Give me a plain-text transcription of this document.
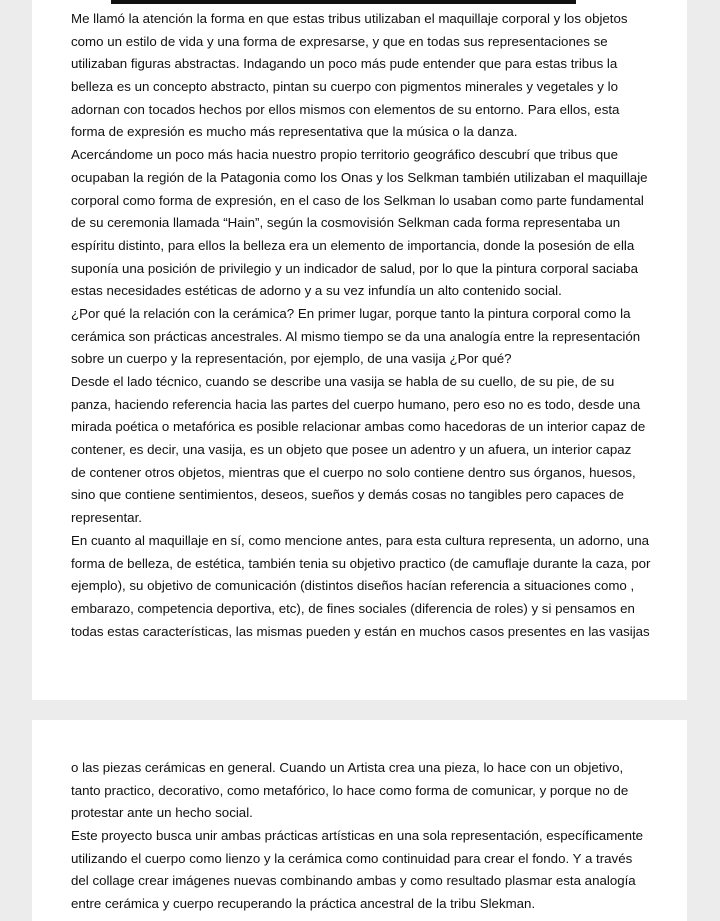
Me llamó la atención la forma en que estas tribus utilizaban el maquillaje corporal y los objetos
como un estilo de vida y una forma de expresarse, y que en todas sus representaciones se
utilizaban figuras abstractas. Indagando un poco más pude entender que para estas tribus la
belleza es un concepto abstracto, pintan su cuerpo con pigmentos minerales y vegetales y lo
adornan con tocados hechos por ellos mismos con elementos de su entorno. Para ellos, esta
forma de expresión es mucho más representativa que la música o la danza.
Acercándome un poco más hacia nuestro propio territorio geográfico descubrí que tribus que
ocupaban la región de la Patagonia como los Onas y los Selkman también utilizaban el maquillaje
corporal como forma de expresión, en el caso de los Selkman lo usaban como parte fundamental
de su ceremonia llamada “Hain”, según la cosmovisión Selkman cada forma representaba un
espíritu distinto, para ellos la belleza era un elemento de importancia, donde la posesión de ella
suponía una posición de privilegio y un indicador de salud, por lo que la pintura corporal saciaba
estas necesidades estéticas de adorno y a su vez infundía un alto contenido social.
¿Por qué la relación con la cerámica? En primer lugar, porque tanto la pintura corporal como la
cerámica son prácticas ancestrales. Al mismo tiempo se da una analogía entre la representación
sobre un cuerpo y la representación, por ejemplo, de una vasija ¿Por qué?
Desde el lado técnico, cuando se describe una vasija se habla de su cuello, de su pie, de su
panza, haciendo referencia hacia las partes del cuerpo humano, pero eso no es todo, desde una
mirada poética o metafórica es posible relacionar ambas como hacedoras de un interior capaz de
contener, es decir, una vasija, es un objeto que posee un adentro y un afuera, un interior capaz
de contener otros objetos, mientras que el cuerpo no solo contiene dentro sus órganos, huesos,
sino que contiene sentimientos, deseos, sueños y demás cosas no tangibles pero capaces de
representar.
En cuanto al maquillaje en sí, como mencione antes, para esta cultura representa, un adorno, una
forma de belleza, de estética, también tenia su objetivo practico (de camuflaje durante la caza, por
ejemplo), su objetivo de comunicación (distintos diseños hacían referencia a situaciones como ,
embarazo, competencia deportiva, etc), de fines sociales (diferencia de roles) y si pensamos en
todas estas características, las mismas pueden y están en muchos casos presentes en las vasijas
o las piezas cerámicas en general. Cuando un Artista crea una pieza, lo hace con un objetivo,
tanto practico, decorativo, como metafórico, lo hace como forma de comunicar, y porque no de
protestar ante un hecho social.
Este proyecto busca unir ambas prácticas artísticas en una sola representación, específicamente
utilizando el cuerpo como lienzo y la cerámica como continuidad para crear el fondo. Y a través
del collage crear imágenes nuevas combinando ambas y como resultado plasmar esta analogía
entre cerámica y cuerpo recuperando la práctica ancestral de la tribu Slekman.
